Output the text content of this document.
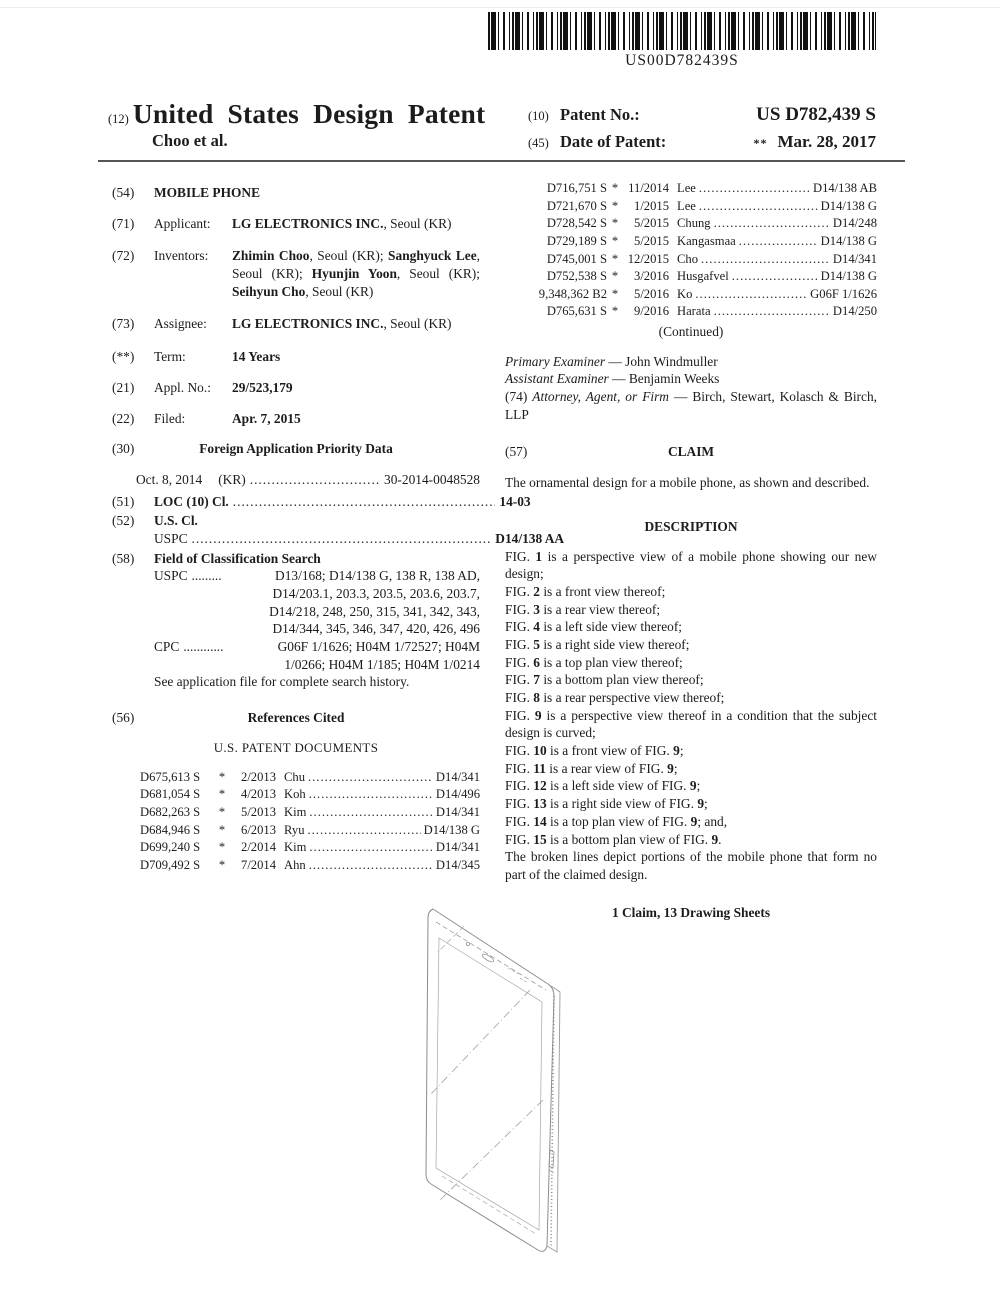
US00D782439S
(12) United States Design Patent
Choo et al.
(10) Patent No.:	US D782,439 S
(45) Date of Patent:	** Mar. 28, 2017
(54)	MOBILE PHONE
(71)	Applicant:	LG ELECTRONICS INC., Seoul (KR)
(72)	Inventors:	Zhimin Choo, Seoul (KR); Sanghyuck Lee, Seoul (KR); Hyunjin Yoon, Seoul (KR); Seihyun Cho, Seoul (KR)
(73)	Assignee:	LG ELECTRONICS INC., Seoul (KR)
(**)	Term:	14 Years
(21)	Appl. No.:	29/523,179
(22)	Filed:	Apr. 7, 2015
(30)	Foreign Application Priority Data
Oct. 8, 2014 (KR) .....	30-2014-0048528
(51)	LOC (10) Cl. .....	14-03
(52)	U.S. Cl.
USPC .....	D14/138 AA
(58)	Field of Classification Search
USPC .........	D13/168; D14/138 G, 138 R, 138 AD,
D14/203.1, 203.3, 203.5, 203.6, 203.7,
D14/218, 248, 250, 315, 341, 342, 343,
D14/344, 345, 346, 347, 420, 426, 496
CPC ............	G06F 1/1626; H04M 1/72527; H04M
1/0266; H04M 1/185; H04M 1/0214
See application file for complete search history.
(56)	References Cited
U.S. PATENT DOCUMENTS
D675,613 S	*	2/2013 Chu .....	D14/341
D681,054 S	*	4/2013 Koh .....	D14/496
D682,263 S	*	5/2013 Kim .....	D14/341
D684,946 S	*	6/2013 Ryu .....	D14/138 G
D699,240 S	*	2/2014 Kim .....	D14/341
D709,492 S	*	7/2014 Ahn .....	D14/345
D716,751 S * 11/2014 Lee .....	D14/138 AB
D721,670 S *	1/2015 Lee .....	D14/138 G
D728,542 S *	5/2015 Chung .....	D14/248
D729,189 S *	5/2015 Kangasmaa .....	D14/138 G
D745,001 S * 12/2015 Cho .....	D14/341
D752,538 S *	3/2016 Husgafvel .....	D14/138 G
9,348,362 B2 *	5/2016 Ko .....	G06F 1/1626
D765,631 S *	9/2016 Harata .....	D14/250
(Continued)
Primary Examiner — John Windmuller
Assistant Examiner — Benjamin Weeks
(74) Attorney, Agent, or Firm — Birch, Stewart, Kolasch & Birch, LLP
(57)	CLAIM
The ornamental design for a mobile phone, as shown and described.
DESCRIPTION
FIG. 1 is a perspective view of a mobile phone showing our new design;
FIG. 2 is a front view thereof;
FIG. 3 is a rear view thereof;
FIG. 4 is a left side view thereof;
FIG. 5 is a right side view thereof;
FIG. 6 is a top plan view thereof;
FIG. 7 is a bottom plan view thereof;
FIG. 8 is a rear perspective view thereof;
FIG. 9 is a perspective view thereof in a condition that the subject design is curved;
FIG. 10 is a front view of FIG. 9;
FIG. 11 is a rear view of FIG. 9;
FIG. 12 is a left side view of FIG. 9;
FIG. 13 is a right side view of FIG. 9;
FIG. 14 is a top plan view of FIG. 9; and,
FIG. 15 is a bottom plan view of FIG. 9.
The broken lines depict portions of the mobile phone that form no part of the claimed design.
1 Claim, 13 Drawing Sheets
